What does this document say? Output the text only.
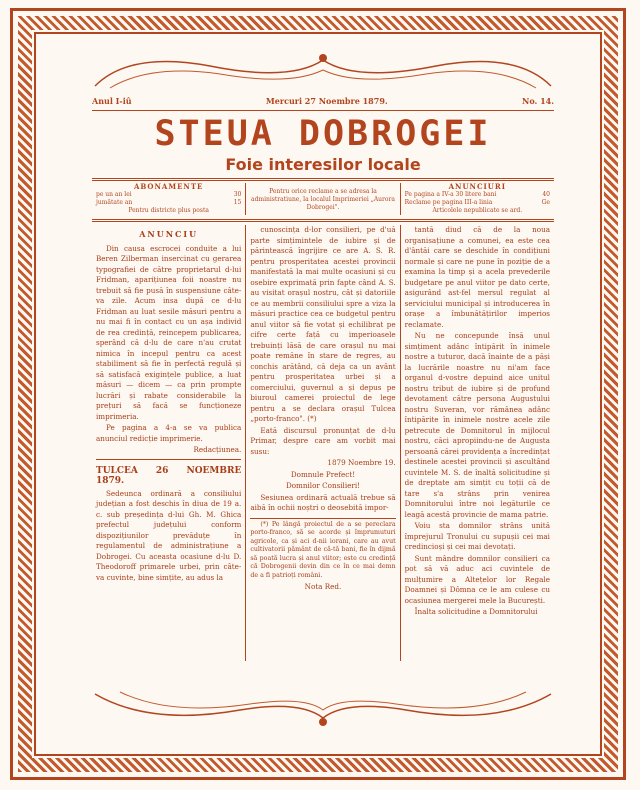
Anul I-iû	Mercuri 27 Noembre 1879.	No. 14.
STEUA DOBROGEI
Foie interesilor locale
ABONAMENTE
pe un an lei	30
jumătate an	15
Pentru districte plus posta
Pentru orice reclame a se adresa la administratiune, la localul Imprimeriei „Aurora Dobrogei".
ANUNCIURI
Pe pagina a IV-a 30 litere bani	40
Reclame pe pagina III-a linia	Ge
Articolele nepublicate se ard.

ANUNCIU

Din causa escrocei conduite a lui Beren Zilberman insercinat cu gerarea typografiei de către proprietarul d-lui Fridman, aparițiunea foii noastre nu trebuit să fie pusă în suspensiune câte-va zile. Acum insa după ce d-lu Fridman au luat sesile măsuri pentru a nu mai fi în contact cu un așa individ de rea credință, reincepem publicarea, sperând că d-lu de care n'au crutat nimica în incepul pentru ca acest stabiliment să fie în perfectă regulă și să satisfacă exigințele publice, a luat măsuri — dicem — ca prin prompte lucrări și rabate considerabile la prețuri să facă se funcționeze imprimeria.

Pe pagina a 4-a se va publica anunciul redicție imprimerie.

Redacțiunea.

TULCEA 26 NOEMBRE 1879.

Sedeunca ordinară a consiliului județian a fost deschis în diua de 19 a. c. sub președința d-lui Gh. M. Ghica prefectul județului conform dispozițiunilor prevăduțe în regulamentul de administrațiune a Dobrogei. Cu aceasta ocasiune d-lu D. Theodoroff primarele urbei, prin câte-va cuvinte, bine simțite, au adus la

cunoscința d-lor consilieri, pe d'uă parte simțimintele de iubire și de părintească îngrijire ce are A. S. R. pentru prosperitatea acestei provincii manifestată la mai multe ocasiuni și cu osebire exprimată prin fapte când A. S. au visitat orașul nostru, cât și datoriile ce au membrii consiliului spre a viza la măsuri practice cea ce budgetul pentru anul viitor să fie votat și echilibrat pe cifre certe față cu imperioasele trebuinți lăsă de care orașul nu mai poate remăne în stare de regres, au conchis arătând, că deja ca un avânt pentru prosperitatea urbei și a comerciului, guvernul a și depus pe biuroul camerei proiectul de lege pentru a se declara orașul Tulcea „porto-franco". (*)

Eată discursul pronunțat de d-lu Primar, despre care am vorbit mai susu:

1879 Noembre 19.

Domnule Prefect!

Domnilor Consilieri!

Sesiunea ordinară actuală trebue să aibă în ochii noștri o deosebită impor-

(*) Pe lângă proiectul de a se pereclara porto-franco, să se acorde și împrumuturi agricole, ca și aci d-nii iorani, care au avut cultivatorii pământ de că-tă bani, fie în dijmă să poată lucra și anul viitor; este cu credință că Dobrogenii devin din ce în ce mai demn de a fi patrioți români.

Nota Red.

tantă diud că de la noua organisațiune a comunei, ea este cea d'ântăi care se deschide în condițiuni normale și care ne pune în poziție de a examina la timp și a acela prevederile budgetare pe anul viitor pe dato certe, asigurând ast-fel mersul regulat al serviciului municipal și introducerea în orașe a îmbunătățirilor imperios reclamate.

Nu ne concepunde însă unul simțiment adânc întipărit în inimele nostre a tuturor, dacă înainte de a păși la lucrările noastre nu ni'am face organul d-vostre depuind aice unitul nostru tribut de iubire și de profund devotament către persona Augustului nostru Suveran, vor rămânea adânc întipărite în inimele nostre acele zile petrecute de Domnitorul în mijlocul nostru, căci apropiindu-ne de Augusta persoană cărei providența a încredințat destinele acestei provincii și ascultând cuvintele M. S. de înaltă solicitudine și de dreptate am simțit cu toții că de tare s'a strâns prin venirea Domnitorului între noi legăturile ce leagă acestă provincie de mama patrie.

Voiu sta domnilor strâns unită împrejurul Tronului cu supușii cei mai credincioși și cei mai devotați.

Sunt mândre domnilor consilieri ca pot să vă aduc aci cuvintele de mulțumire a Altețelor lor Regale Doamnei și Dômna ce le am culese cu ocasiunea mergerei mele la București.

Înalta solicitudine a Domnitorului
